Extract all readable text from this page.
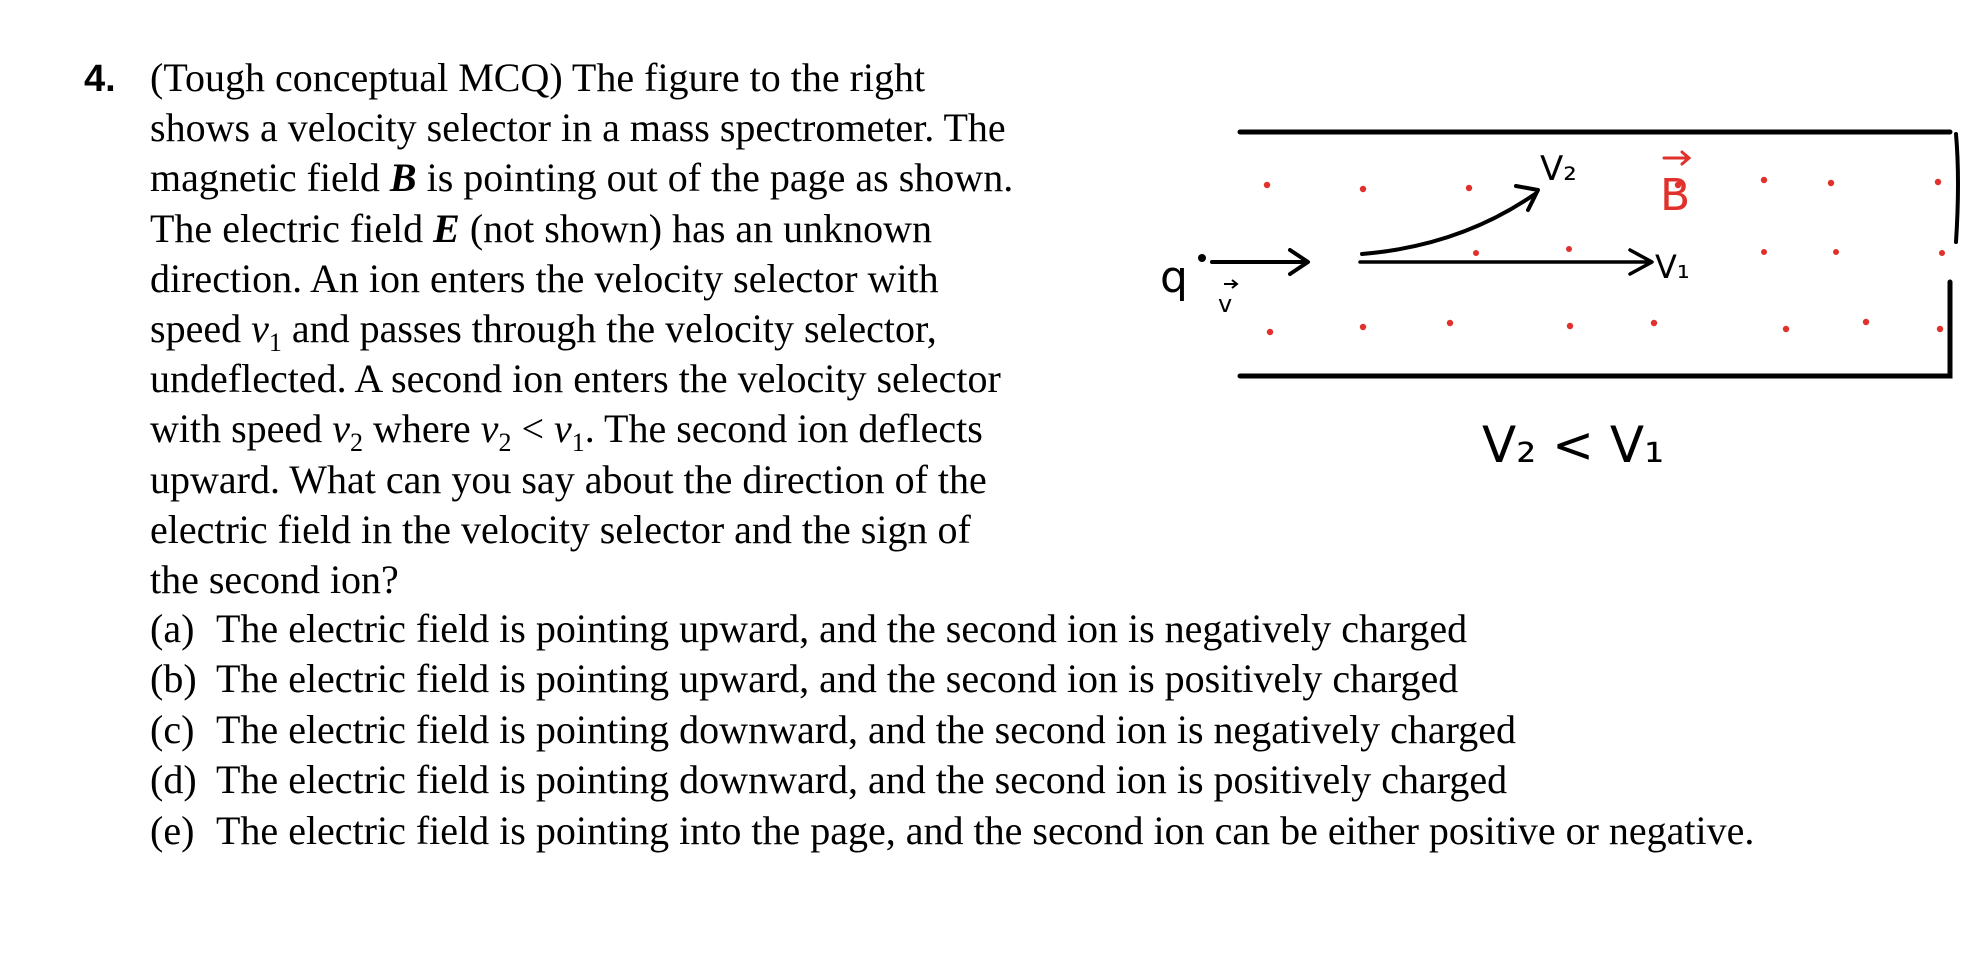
4. (Tough conceptual MCQ) The figure to the right
shows a velocity selector in a mass spectrometer. The
magnetic field B is pointing out of the page as shown.
The electric field E (not shown) has an unknown
direction. An ion enters the velocity selector with
speed $v_1$ and passes through the velocity selector,
undeflected. A second ion enters the velocity selector
with speed $v_2$ where $v_2 < v_1$. The second ion deflects
upward. What can you say about the direction of the
electric field in the velocity selector and the sign of
the second ion?
(a) The electric field is pointing upward, and the second ion is negatively charged
(b) The electric field is pointing upward, and the second ion is positively charged
(c) The electric field is pointing downward, and the second ion is negatively charged
(d) The electric field is pointing downward, and the second ion is positively charged
(e) The electric field is pointing into the page, and the second ion can be either positive or negative.
q
v
V₂
V₁
B
V₂ < V₁
